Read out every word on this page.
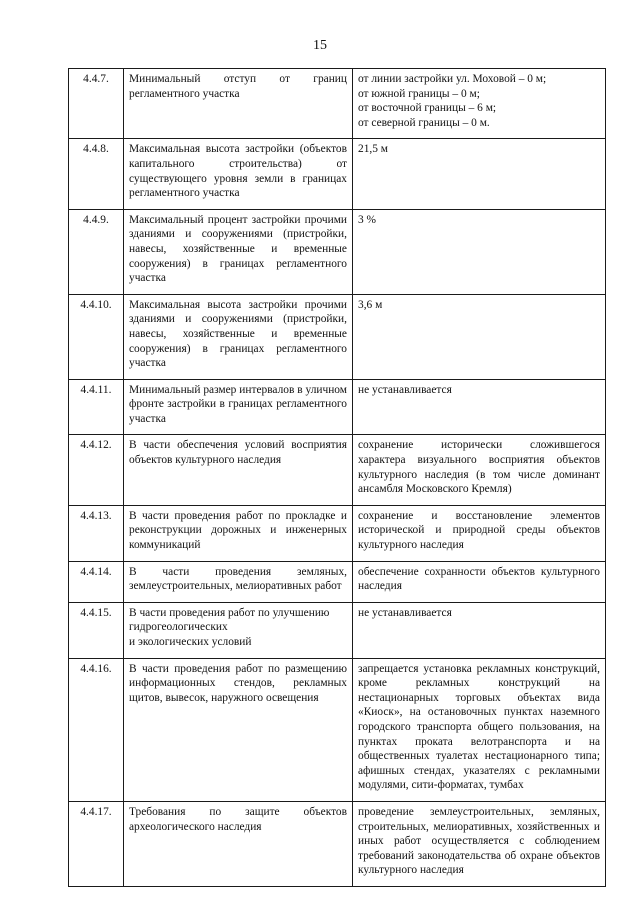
15
4.4.7.	Минимальный отступ от границ регламентного участка	от линии застройки ул. Моховой – 0 м;
от южной границы – 0 м;
от восточной границы – 6 м;
от северной границы – 0 м.

4.4.8.	Максимальная высота застройки (объектов капитального строительства) от существующего уровня земли в границах регламентного участка	21,5 м
4.4.9.	Максимальный процент застройки прочими зданиями и сооружениями (пристройки, навесы, хозяйственные и временные сооружения) в границах регламентного участка	3 %
4.4.10.	Максимальная высота застройки прочими зданиями и сооружениями (пристройки, навесы, хозяйственные и временные сооружения) в границах регламентного участка	3,6 м
4.4.11.	Минимальный размер интервалов в уличном фронте застройки в границах регламентного участка	не устанавливается
4.4.12.	В части обеспечения условий восприятия объектов культурного наследия	сохранение исторически сложившегося характера визуального восприятия объектов культурного наследия (в том числе доминант ансамбля Московского Кремля)
4.4.13.	В части проведения работ по прокладке и реконструкции дорожных и инженерных коммуникаций	сохранение и восстановление элементов исторической и природной среды объектов культурного наследия
4.4.14.	В части проведения земляных, землеустроительных, мелиоративных работ	обеспечение сохранности объектов культурного наследия
4.4.15.	В части проведения работ по улучшению
гидрогеологических
и экологических условий	не устанавливается
4.4.16.	В части проведения работ по размещению информационных стендов, рекламных щитов, вывесок, наружного освещения	запрещается установка рекламных конструкций, кроме рекламных конструкций на нестационарных торговых объектах вида «Киоск», на остановочных пунктах наземного городского транспорта общего пользования, на пунктах проката велотранспорта и на общественных туалетах нестационарного типа; афишных стендах, указателях с рекламными модулями, сити-форматах, тумбах
4.4.17.	Требования по защите объектов археологического наследия	проведение землеустроительных, земляных, строительных, мелиоративных, хозяйственных и иных работ осуществляется с соблюдением требований законодательства об охране объектов культурного наследия
